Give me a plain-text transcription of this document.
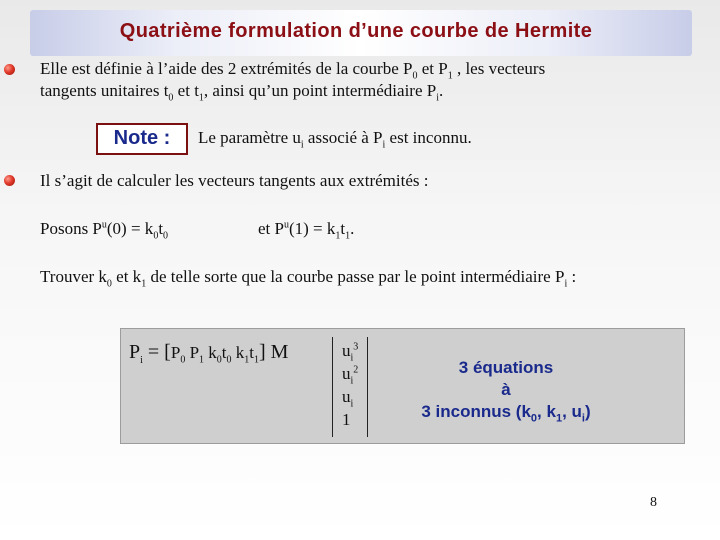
Quatrième formulation d’une courbe de Hermite
Elle est définie à l’aide des 2 extrémités de la courbe $P_0$ et $P_1$ , les vecteurs
tangents unitaires $t_0$ et $t_1$, ainsi qu’un point intermédiaire $P_i$.
Note :	Le paramètre $u_i$ associé à $P_i$ est inconnu.
Il s’agit de calculer les vecteurs tangents aux extrémités :
Posons $P^u(0) = k_0t_0$	et $P^u(1) = k_1t_1$.
Trouver $k_0$ et $k_1$ de telle sorte que la courbe passe par le point intermédiaire $P_i$ :
$P_i = [P_0$ $P_1$ $k_0t_0$ $k_1t_1$] M	$u_i^3$
$u_i^2$
$u_i$
1
3 équations
à
3 inconnus ($k_0$, $k_1$, $u_i$)
8
